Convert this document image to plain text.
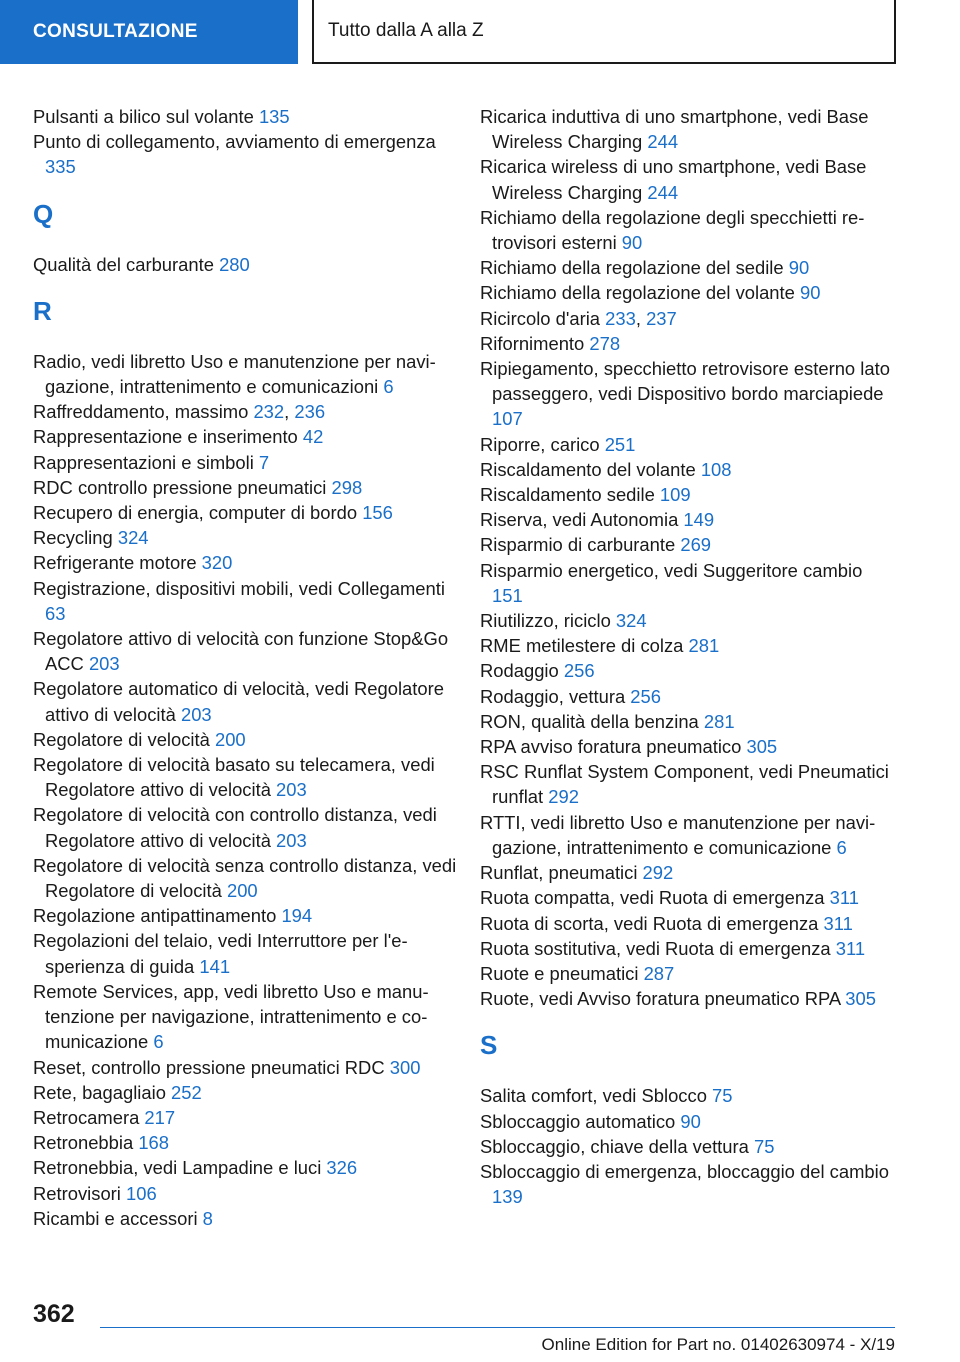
CONSULTAZIONE	Tutto dalla A alla Z
Pulsanti a bilico sul volante 135
Punto di collegamento, avviamento di emergenza 335
Q
Qualità del carburante 280
R
Radio, vedi libretto Uso e manutenzione per navigazione, intrattenimento e comunicazioni 6
Raffreddamento, massimo 232, 236
Rappresentazione e inserimento 42
Rappresentazioni e simboli 7
RDC controllo pressione pneumatici 298
Recupero di energia, computer di bordo 156
Recycling 324
Refrigerante motore 320
Registrazione, dispositivi mobili, vedi Collegamenti 63
Regolatore attivo di velocità con funzione Stop&Go ACC 203
Regolatore automatico di velocità, vedi Regolatore attivo di velocità 203
Regolatore di velocità 200
Regolatore di velocità basato su telecamera, vedi Regolatore attivo di velocità 203
Regolatore di velocità con controllo distanza, vedi Regolatore attivo di velocità 203
Regolatore di velocità senza controllo distanza, vedi Regolatore di velocità 200
Regolazione antipattinamento 194
Regolazioni del telaio, vedi Interruttore per l'esperienza di guida 141
Remote Services, app, vedi libretto Uso e manutenzione per navigazione, intrattenimento e comunicazione 6
Reset, controllo pressione pneumatici RDC 300
Rete, bagagliaio 252
Retrocamera 217
Retronebbia 168
Retronebbia, vedi Lampadine e luci 326
Retrovisori 106
Ricambi e accessori 8
Ricarica induttiva di uno smartphone, vedi Base Wireless Charging 244
Ricarica wireless di uno smartphone, vedi Base Wireless Charging 244
Richiamo della regolazione degli specchietti retrovisori esterni 90
Richiamo della regolazione del sedile 90
Richiamo della regolazione del volante 90
Ricircolo d'aria 233, 237
Rifornimento 278
Ripiegamento, specchietto retrovisore esterno lato passeggero, vedi Dispositivo bordo marciapiede 107
Riporre, carico 251
Riscaldamento del volante 108
Riscaldamento sedile 109
Riserva, vedi Autonomia 149
Risparmio di carburante 269
Risparmio energetico, vedi Suggeritore cambio 151
Riutilizzo, riciclo 324
RME metilestere di colza 281
Rodaggio 256
Rodaggio, vettura 256
RON, qualità della benzina 281
RPA avviso foratura pneumatico 305
RSC Runflat System Component, vedi Pneumatici runflat 292
RTTI, vedi libretto Uso e manutenzione per navigazione, intrattenimento e comunicazione 6
Runflat, pneumatici 292
Ruota compatta, vedi Ruota di emergenza 311
Ruota di scorta, vedi Ruota di emergenza 311
Ruota sostitutiva, vedi Ruota di emergenza 311
Ruote e pneumatici 287
Ruote, vedi Avviso foratura pneumatico RPA 305
S
Salita comfort, vedi Sblocco 75
Sbloccaggio automatico 90
Sbloccaggio, chiave della vettura 75
Sbloccaggio di emergenza, bloccaggio del cambio 139
362
Online Edition for Part no. 01402630974 - X/19
